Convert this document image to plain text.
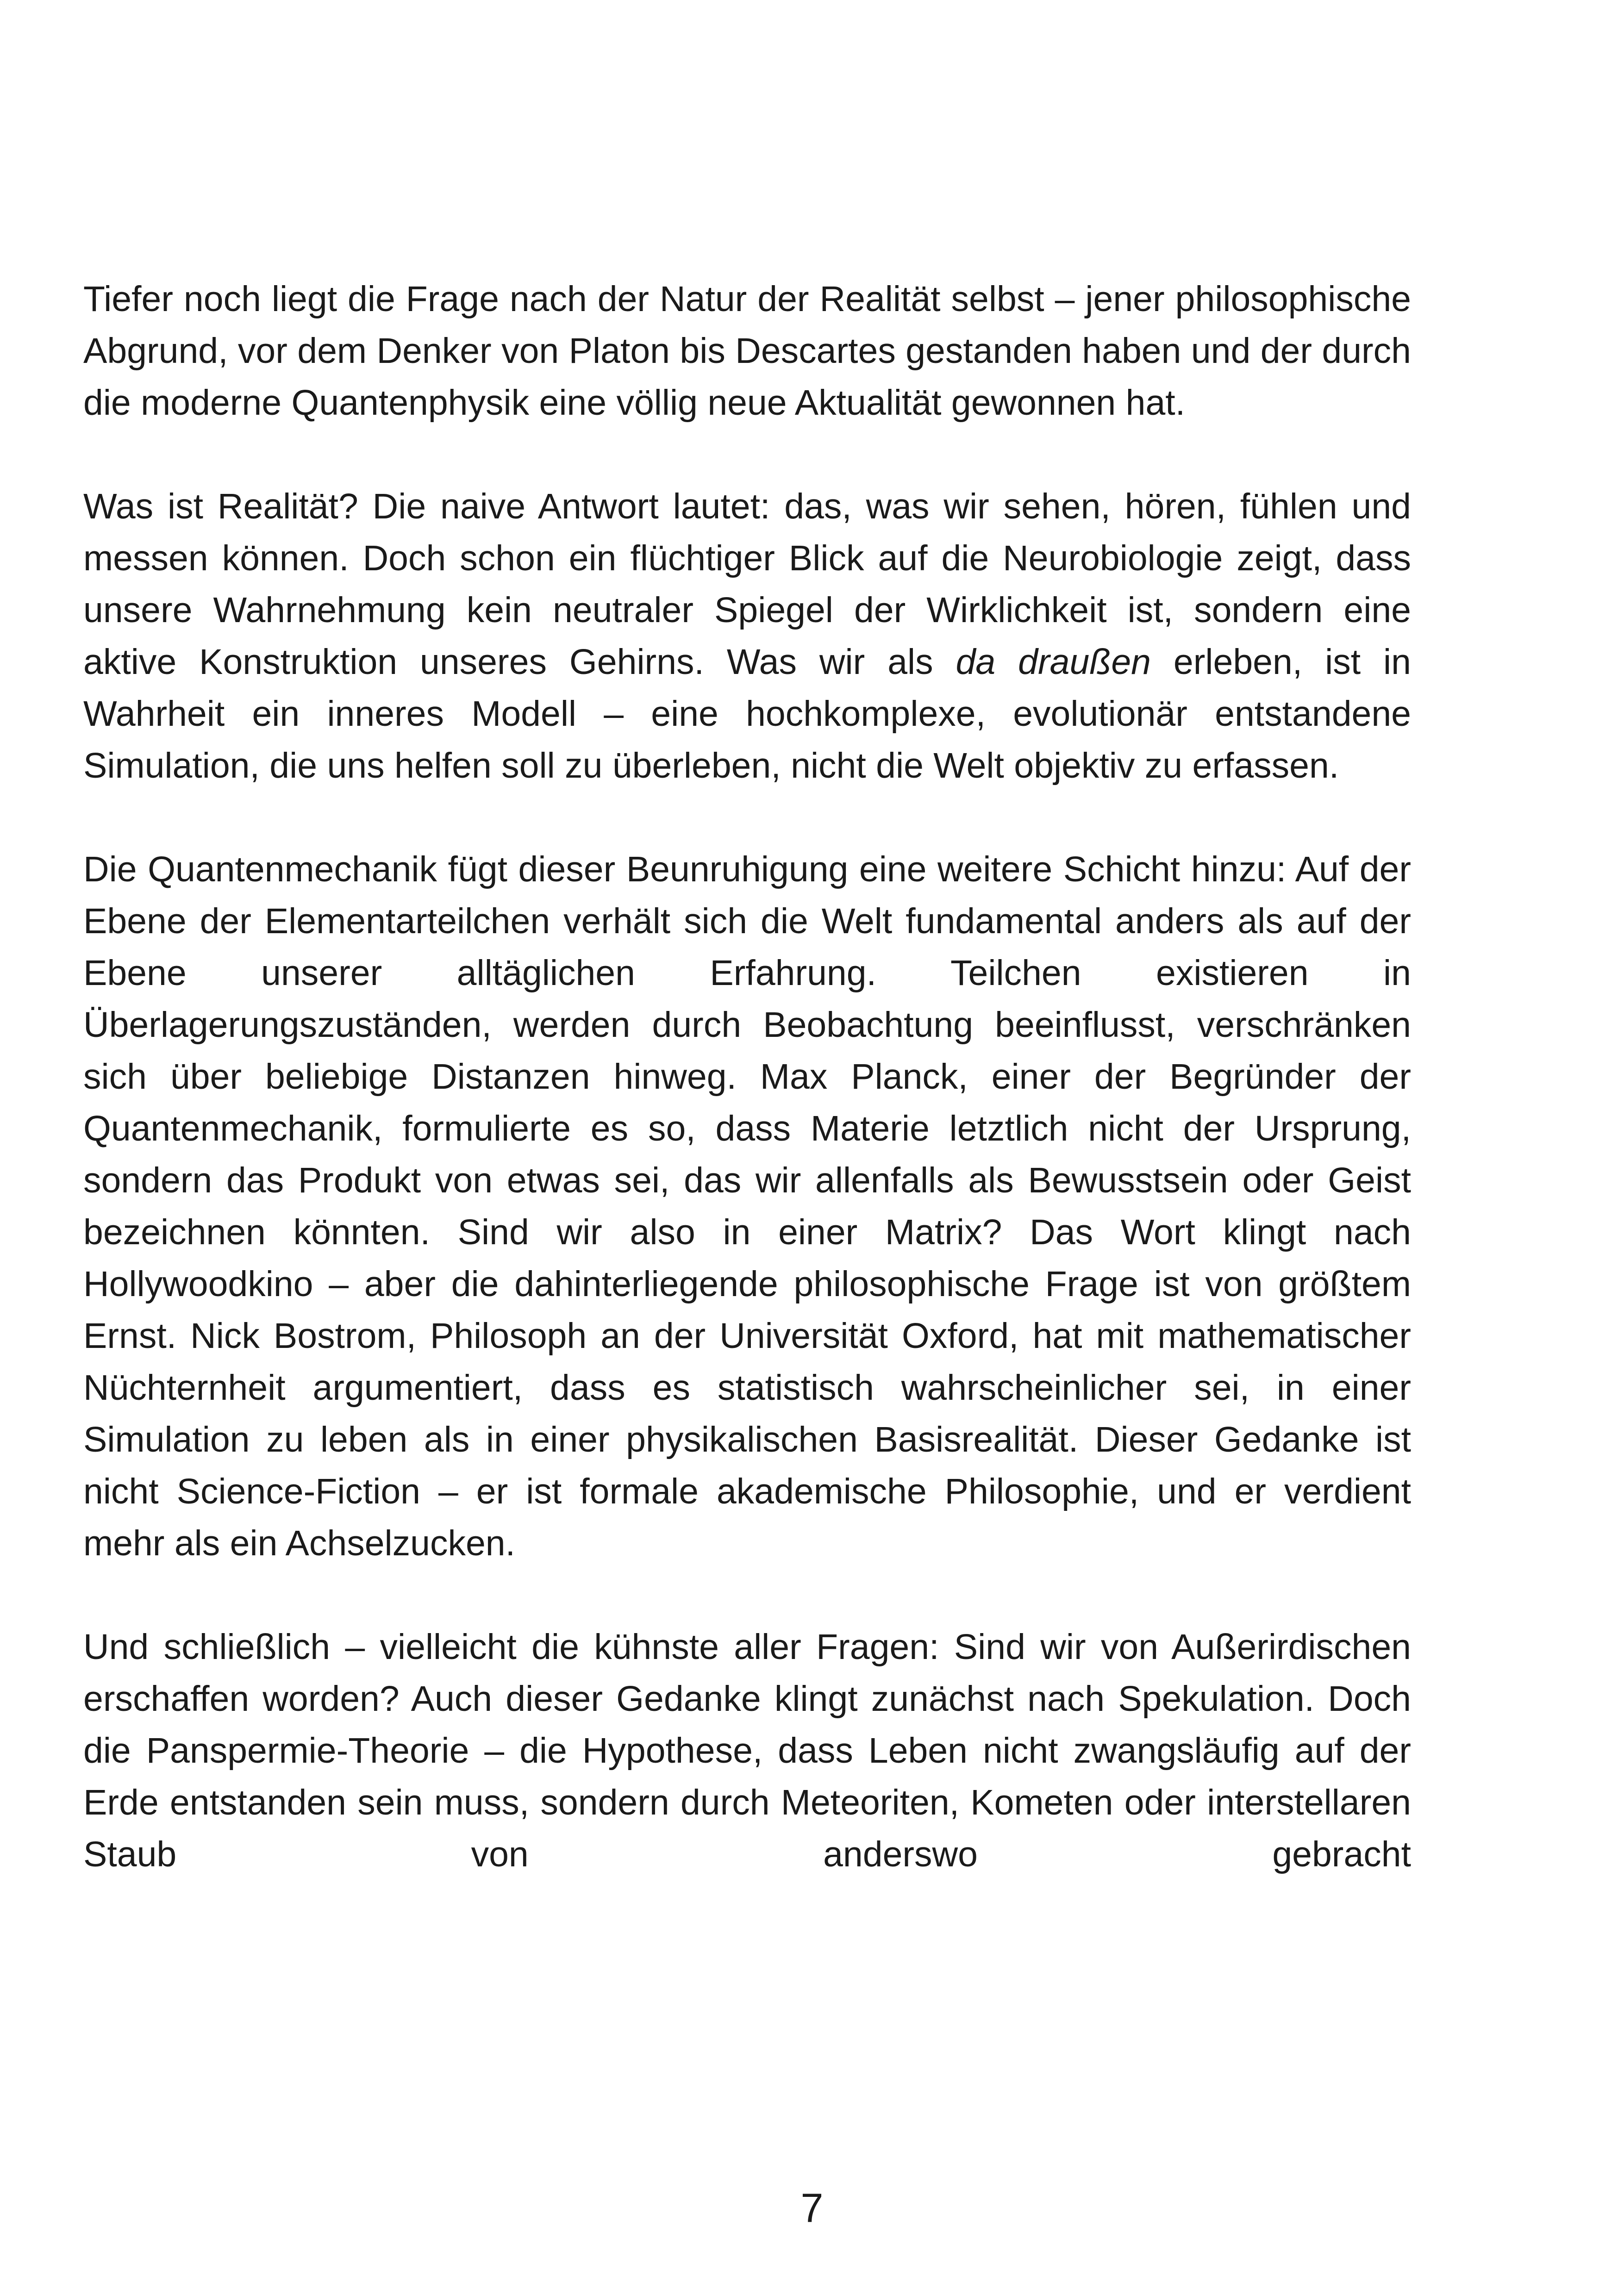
Tiefer noch liegt die Frage nach der Natur der Realität selbst – jener philosophische Abgrund, vor dem Denker von Platon bis Descartes gestanden haben und der durch die moderne Quantenphysik eine völlig neue Aktualität gewonnen hat.

Was ist Realität? Die naive Antwort lautet: das, was wir sehen, hören, fühlen und messen können. Doch schon ein flüchtiger Blick auf die Neurobiologie zeigt, dass unsere Wahrnehmung kein neutraler Spiegel der Wirklichkeit ist, sondern eine aktive Konstruktion unseres Gehirns. Was wir als da draußen erleben, ist in Wahrheit ein inneres Modell – eine hochkomplexe, evolutionär entstandene Simulation, die uns helfen soll zu überleben, nicht die Welt objektiv zu erfassen.

Die Quantenmechanik fügt dieser Beunruhigung eine weitere Schicht hinzu: Auf der Ebene der Elementarteilchen verhält sich die Welt fundamental anders als auf der Ebene unserer alltäglichen Erfahrung. Teilchen existieren in Überlagerungszuständen, werden durch Beobachtung beeinflusst, verschränken sich über beliebige Distanzen hinweg. Max Planck, einer der Begründer der Quantenmechanik, formulierte es so, dass Materie letztlich nicht der Ursprung, sondern das Produkt von etwas sei, das wir allenfalls als Bewusstsein oder Geist bezeichnen könnten. Sind wir also in einer Matrix? Das Wort klingt nach Hollywoodkino – aber die dahinterliegende philosophische Frage ist von größtem Ernst. Nick Bostrom, Philosoph an der Universität Oxford, hat mit mathematischer Nüchternheit argumentiert, dass es statistisch wahrscheinlicher sei, in einer Simulation zu leben als in einer physikalischen Basisrealität. Dieser Gedanke ist nicht Science-Fiction – er ist formale akademische Philosophie, und er verdient mehr als ein Achselzucken.

Und schließlich – vielleicht die kühnste aller Fragen: Sind wir von Außerirdischen erschaffen worden? Auch dieser Gedanke klingt zunächst nach Spekulation. Doch die Panspermie-Theorie – die Hypothese, dass Leben nicht zwangsläufig auf der Erde entstanden sein muss, sondern durch Meteoriten, Kometen oder interstellaren Staub von anderswo gebracht

7
